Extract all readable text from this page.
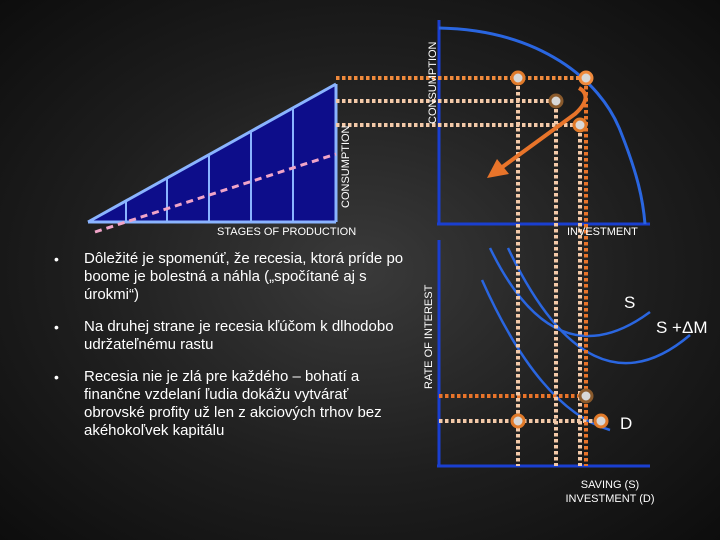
CONSUMPTION
CONSUMPTION
STAGES OF PRODUCTION	INVESTMENT
RATE OF INTEREST	S
S +ΔM
D
SAVING (S)
INVESTMENT (D)
• Dôležité je spomenúť, že recesia, ktorá príde po boome je bolestná a náhla („spočítané aj s úrokmi“)
• Na druhej strane je recesia kľúčom k dlhodobo udržateľnému rastu
• Recesia nie je zlá pre každého – bohatí a finančne vzdelaní ľudia dokážu vytvárať obrovské profity už len z akciových trhov bez akéhokoľvek kapitálu
